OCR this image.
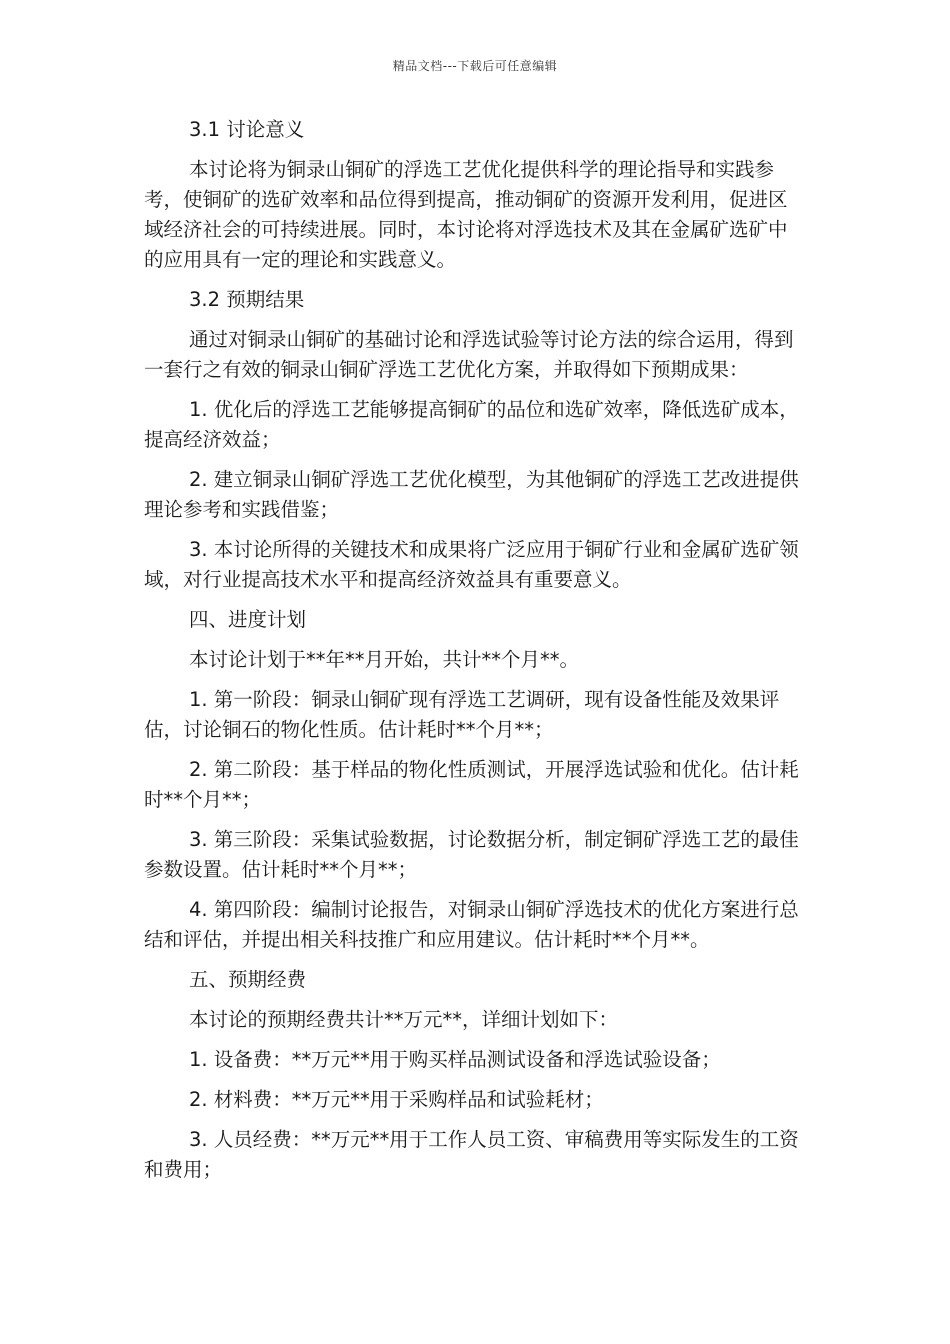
精品文档---下载后可任意编辑

3.1 讨论意义

本讨论将为铜录山铜矿的浮选工艺优化提供科学的理论指导和实践参考，使铜矿的选矿效率和品位得到提高，推动铜矿的资源开发利用，促进区域经济社会的可持续进展。同时，本讨论将对浮选技术及其在金属矿选矿中的应用具有一定的理论和实践意义。

3.2 预期结果

通过对铜录山铜矿的基础讨论和浮选试验等讨论方法的综合运用，得到一套行之有效的铜录山铜矿浮选工艺优化方案，并取得如下预期成果：

1. 优化后的浮选工艺能够提高铜矿的品位和选矿效率，降低选矿成本，提高经济效益；

2. 建立铜录山铜矿浮选工艺优化模型，为其他铜矿的浮选工艺改进提供理论参考和实践借鉴；

3. 本讨论所得的关键技术和成果将广泛应用于铜矿行业和金属矿选矿领域，对行业提高技术水平和提高经济效益具有重要意义。

四、进度计划

本讨论计划于**年**月开始，共计**个月**。

1. 第一阶段：铜录山铜矿现有浮选工艺调研，现有设备性能及效果评估，讨论铜石的物化性质。估计耗时**个月**；

2. 第二阶段：基于样品的物化性质测试，开展浮选试验和优化。估计耗时**个月**；

3. 第三阶段：采集试验数据，讨论数据分析，制定铜矿浮选工艺的最佳参数设置。估计耗时**个月**；

4. 第四阶段：编制讨论报告，对铜录山铜矿浮选技术的优化方案进行总结和评估，并提出相关科技推广和应用建议。估计耗时**个月**。

五、预期经费

本讨论的预期经费共计**万元**，详细计划如下：

1. 设备费：**万元**用于购买样品测试设备和浮选试验设备；

2. 材料费：**万元**用于采购样品和试验耗材；

3. 人员经费：**万元**用于工作人员工资、审稿费用等实际发生的工资和费用；
